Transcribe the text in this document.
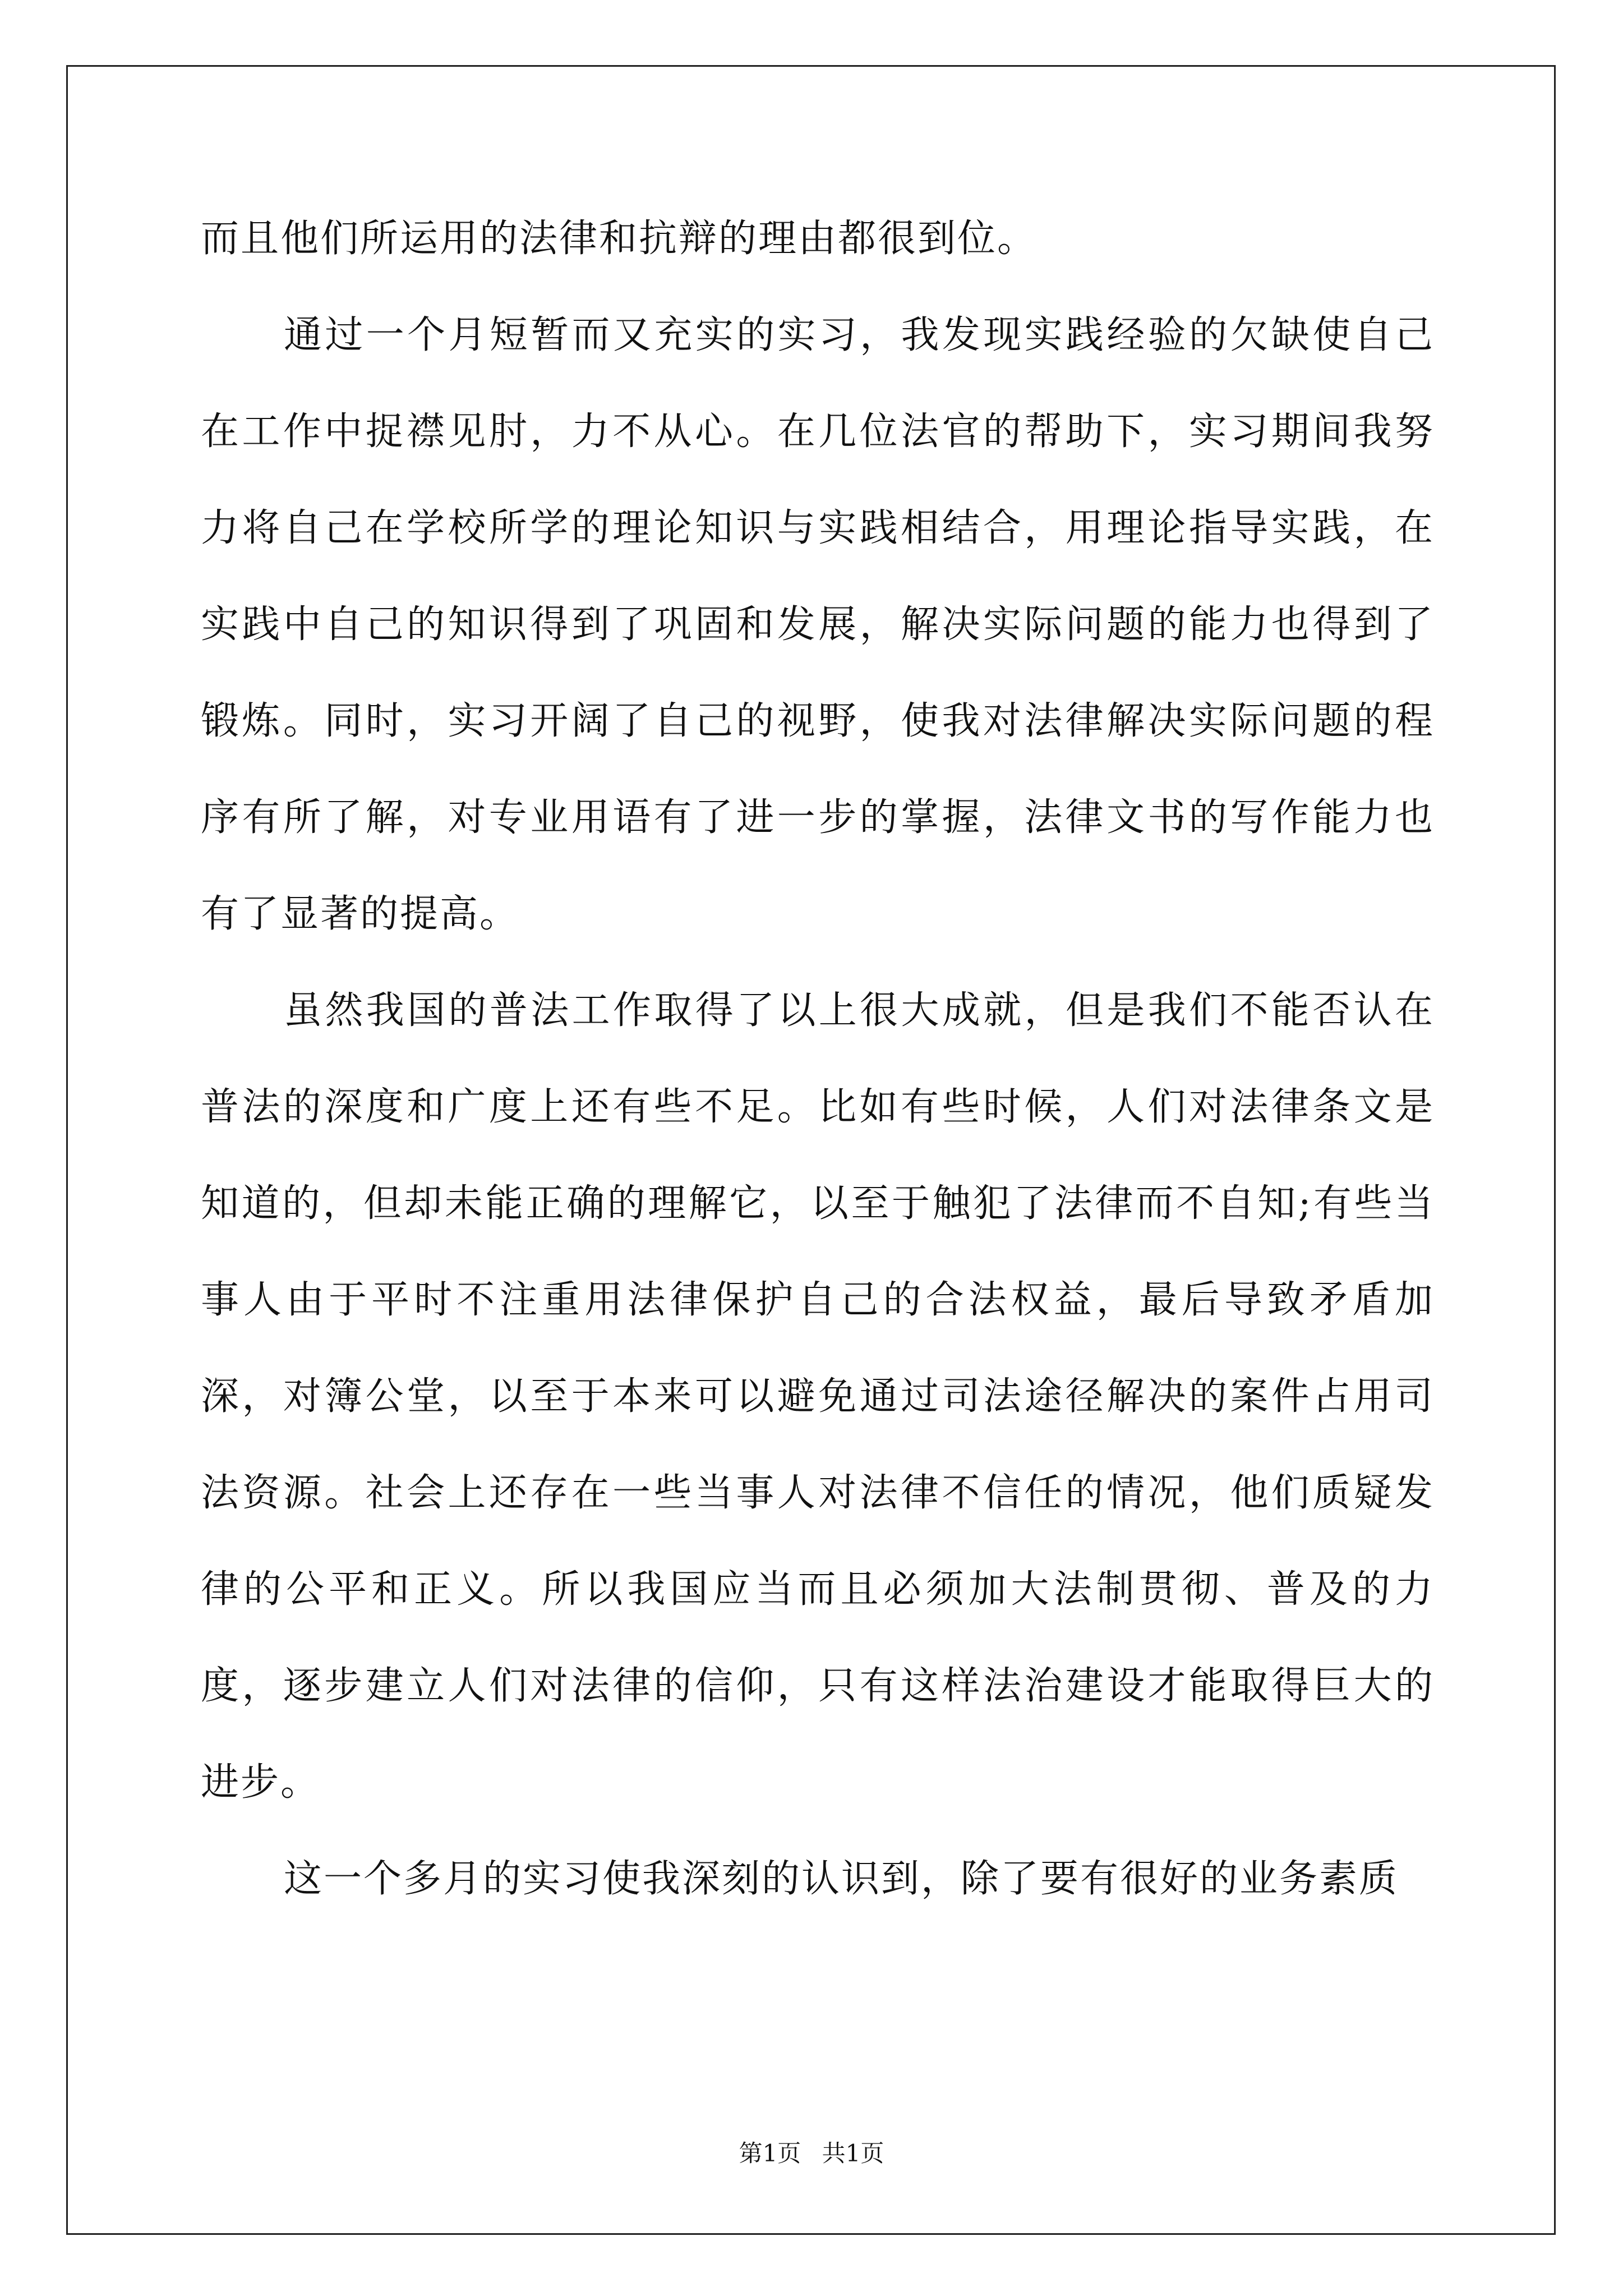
而且他们所运用的法律和抗辩的理由都很到位。

通过一个月短暂而又充实的实习，我发现实践经验的欠缺使自己在工作中捉襟见肘，力不从心。在几位法官的帮助下，实习期间我努力将自己在学校所学的理论知识与实践相结合，用理论指导实践，在实践中自己的知识得到了巩固和发展，解决实际问题的能力也得到了锻炼。同时，实习开阔了自己的视野，使我对法律解决实际问题的程序有所了解，对专业用语有了进一步的掌握，法律文书的写作能力也有了显著的提高。

虽然我国的普法工作取得了以上很大成就，但是我们不能否认在普法的深度和广度上还有些不足。比如有些时候，人们对法律条文是知道的，但却未能正确的理解它，以至于触犯了法律而不自知;有些当事人由于平时不注重用法律保护自己的合法权益，最后导致矛盾加深，对簿公堂，以至于本来可以避免通过司法途径解决的案件占用司法资源。社会上还存在一些当事人对法律不信任的情况，他们质疑发律的公平和正义。所以我国应当而且必须加大法制贯彻、普及的力度，逐步建立人们对法律的信仰，只有这样法治建设才能取得巨大的进步。

这一个多月的实习使我深刻的认识到，除了要有很好的业务素质

第1页 共1页
